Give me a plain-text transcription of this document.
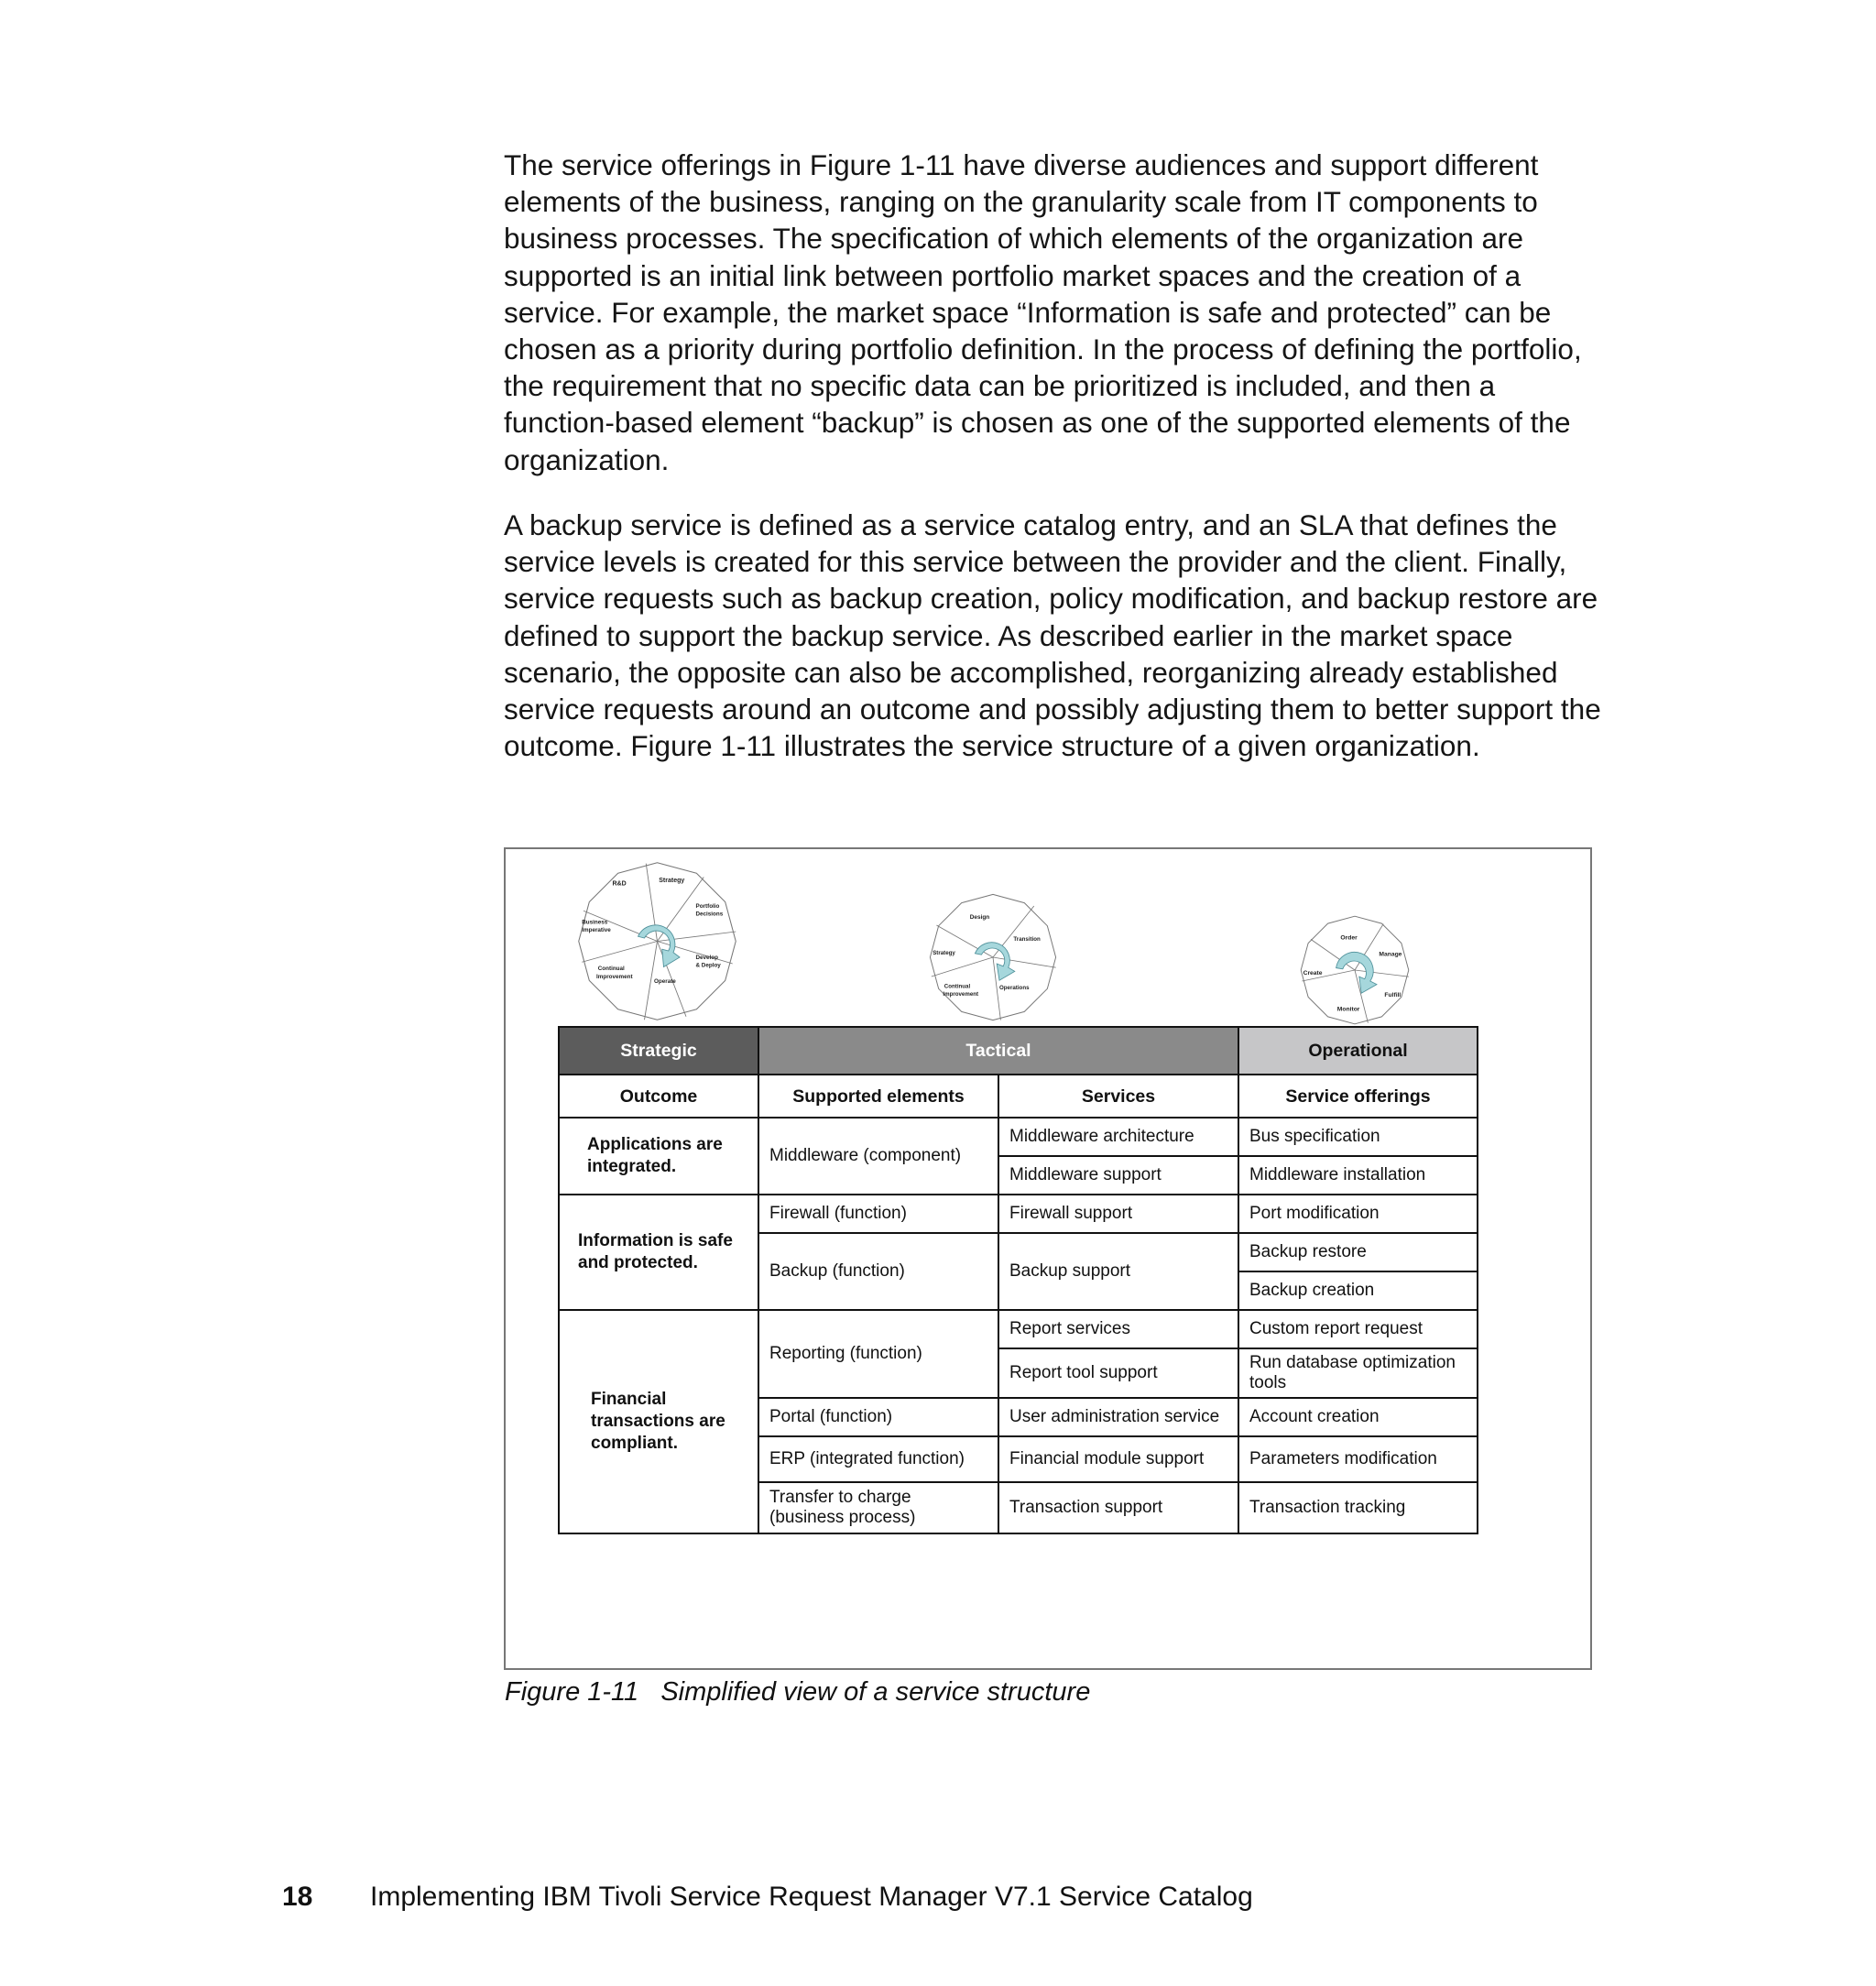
The service offerings in Figure 1-11 have diverse audiences and support different elements of the business, ranging on the granularity scale from IT components to business processes. The specification of which elements of the organization are supported is an initial link between portfolio market spaces and the creation of a service. For example, the market space “Information is safe and protected” can be chosen as a priority during portfolio definition. In the process of defining the portfolio, the requirement that no specific data can be prioritized is included, and then a function-based element “backup” is chosen as one of the supported elements of the organization.

A backup service is defined as a service catalog entry, and an SLA that defines the service levels is created for this service between the provider and the client. Finally, service requests such as backup creation, policy modification, and backup restore are defined to support the backup service. As described earlier in the market space scenario, the opposite can also be accomplished, reorganizing already established service requests around an outcome and possibly adjusting them to better support the outcome. Figure 1-11 illustrates the service structure of a given organization.

R&D	Strategy
Portfolio
Decisions
Business
Imperative
Develop
& Deploy
Continual
Improvement
Operate
Design
Transition
Strategy
Continual
Improvement
Operations
Order
Manage
Create
Fulfill
Monitor
Strategic	Tactical		Operational
Outcome	Supported elements	Services	Service offerings
Applications are integrated.	Middleware (component)	Middleware architecture	Bus specification
		Middleware support	Middleware installation
Information is safe and protected.	Firewall (function)	Firewall support	Port modification
	Backup (function)	Backup support	Backup restore
			Backup creation
Financial transactions are compliant.	Reporting (function)	Report services	Custom report request
		Report tool support	Run database optimization tools
	Portal (function)	User administration service	Account creation
	ERP (integrated function)	Financial module support	Parameters modification
	Transfer to charge (business process)	Transaction support	Transaction tracking

Figure 1-11   Simplified view of a service structure

18 Implementing IBM Tivoli Service Request Manager V7.1 Service Catalog
